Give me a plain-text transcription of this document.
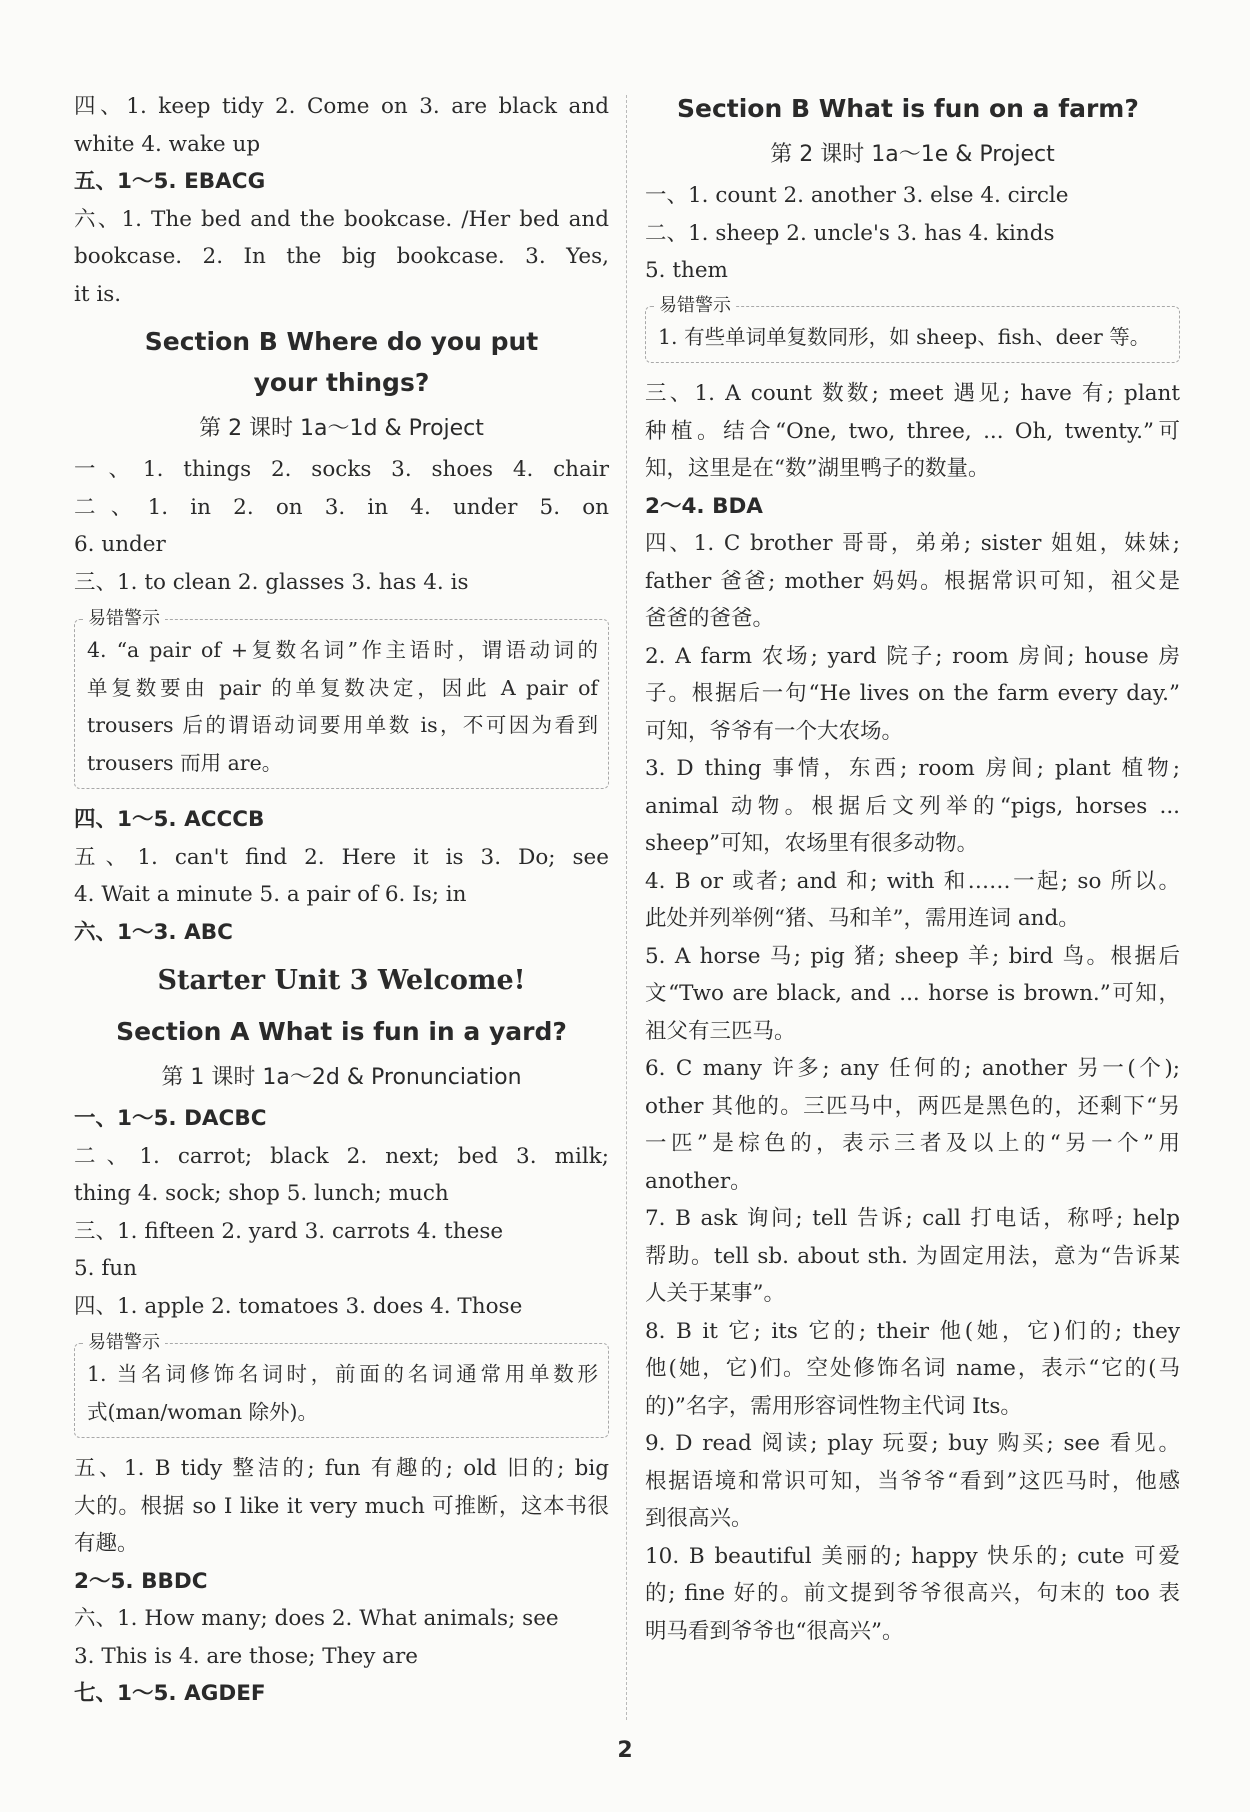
四、1. keep tidy 2. Come on 3. are black and
white 4. wake up
五、1～5. EBACG
六、1. The bed and the bookcase. /Her bed and
bookcase. 2. In the big bookcase. 3. Yes,
it is.
Section B Where do you put
your things?
第 2 课时 1a～1d & Project
一、1. things 2. socks 3. shoes 4. chair
二、1. in 2. on 3. in 4. under 5. on
6. under
三、1. to clean 2. glasses 3. has 4. is
易错警示
4. “a pair of +复数名词”作主语时，谓语动词的
单复数要由 pair 的单复数决定，因此 A pair of
trousers 后的谓语动词要用单数 is，不可因为看到
trousers 而用 are。
四、1～5. ACCCB
五、1. can't find 2. Here it is 3. Do; see
4. Wait a minute 5. a pair of 6. Is; in
六、1～3. ABC
Starter Unit 3 Welcome!
Section A What is fun in a yard?
第 1 课时 1a～2d & Pronunciation
一、1～5. DACBC
二、1. carrot; black 2. next; bed 3. milk;
thing 4. sock; shop 5. lunch; much
三、1. fifteen 2. yard 3. carrots 4. these
5. fun
四、1. apple 2. tomatoes 3. does 4. Those
易错警示
1. 当名词修饰名词时，前面的名词通常用单数形
式(man/woman 除外)。
五、1. B tidy 整洁的; fun 有趣的; old 旧的; big
大的。根据 so I like it very much 可推断，这本书很
有趣。
2～5. BBDC
六、1. How many; does 2. What animals; see
3. This is 4. are those; They are
七、1～5. AGDEF
Section B What is fun on a farm?
第 2 课时 1a～1e & Project
一、1. count 2. another 3. else 4. circle
二、1. sheep 2. uncle's 3. has 4. kinds
5. them
易错警示
1. 有些单词单复数同形，如 sheep、fish、deer 等。
三、1. A count 数数; meet 遇见; have 有; plant
种植。结合“One, two, three, ... Oh, twenty.”可
知，这里是在“数”湖里鸭子的数量。
2～4. BDA
四、1. C brother 哥哥，弟弟; sister 姐姐，妹妹;
father 爸爸; mother 妈妈。根据常识可知，祖父是
爸爸的爸爸。
2. A farm 农场; yard 院子; room 房间; house 房
子。根据后一句“He lives on the farm every day.”
可知，爷爷有一个大农场。
3. D thing 事情，东西; room 房间; plant 植物;
animal 动物。根据后文列举的“pigs, horses ...
sheep”可知，农场里有很多动物。
4. B or 或者; and 和; with 和……一起; so 所以。
此处并列举例“猪、马和羊”，需用连词 and。
5. A horse 马; pig 猪; sheep 羊; bird 鸟。根据后
文“Two are black, and ... horse is brown.”可知，
祖父有三匹马。
6. C many 许多; any 任何的; another 另一(个);
other 其他的。三匹马中，两匹是黑色的，还剩下“另
一匹”是棕色的，表示三者及以上的“另一个”用
another。
7. B ask 询问; tell 告诉; call 打电话，称呼; help
帮助。tell sb. about sth. 为固定用法，意为“告诉某
人关于某事”。
8. B it 它; its 它的; their 他(她，它)们的; they
他(她，它)们。空处修饰名词 name，表示“它的(马
的)”名字，需用形容词性物主代词 Its。
9. D read 阅读; play 玩耍; buy 购买; see 看见。
根据语境和常识可知，当爷爷“看到”这匹马时，他感
到很高兴。
10. B beautiful 美丽的; happy 快乐的; cute 可爱
的; fine 好的。前文提到爷爷很高兴，句末的 too 表
明马看到爷爷也“很高兴”。
2
